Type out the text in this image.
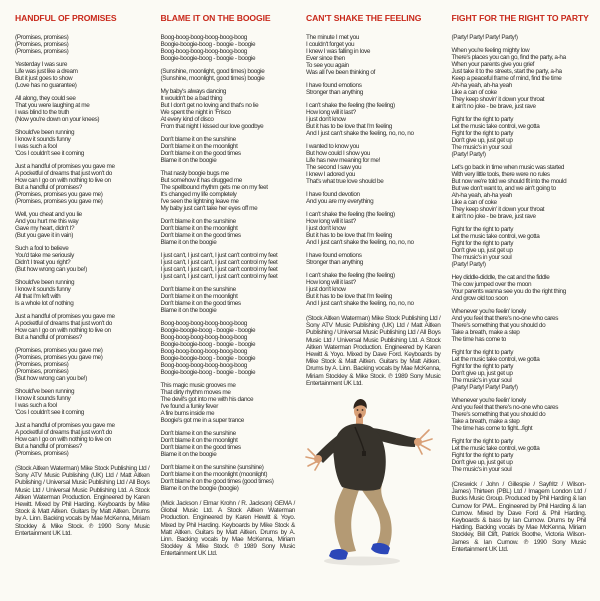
HANDFUL OF PROMISES

(Promises, promises)
(Promises, promises)
(Promises, promises)

Yesterday I was sure
Life was just like a dream
But it just goes to show
(Love has no guarantee)

All along, they could see
That you were laughing at me
I was blind to the truth
(Now you're down on your knees)

Should've been running
I know it sounds funny
I was such a fool
'Cos I couldn't see it coming

Just a handful of promises you gave me
A pocketful of dreams that just won't do
How can I go on with nothing to live on
But a handful of promises?
(Promises, promises you gave me)
(Promises, promises you gave me)

Well, you cheat and you lie
And you hurt me this way
Gave my heart, didn't I?
(But you gave it in vain)

Such a fool to believe
You'd take me seriously
Didn't I treat you right?
(But how wrong can you be!)

Should've been running
I know it sounds funny
All that I'm left with
Is a whole lot of nothing

Just a handful of promises you gave me
A pocketful of dreams that just won't do
How can I go on with nothing to live on
But a handful of promises?

(Promises, promises you gave me)
(Promises, promises you gave me)
(Promises, promises)
(Promises, promises)
(But how wrong can you be!)

Should've been running
I know it sounds funny
I was such a fool
'Cos I couldn't see it coming

Just a handful of promises you gave me
A pocketful of dreams that just won't do
How can I go on with nothing to live on
But a handful of promises?
(Promises, promises)

(Stock Aitken Waterman) Mike Stock Publishing Ltd / Sony ATV Music Publishing (UK) Ltd / Matt Aitken Publishing / Universal Music Publishing Ltd / All Boys Music Ltd / Universal Music Publishing Ltd. A Stock Aitken Waterman Production. Engineered by Karen Hewitt. Mixed by Phil Harding. Keyboards by Mike Stock & Matt Aitken. Guitars by Matt Aitken. Drums by A. Linn. Backing vocals by Mae McKenna, Miriam Stockley & Mike Stock. ℗ 1990 Sony Music Entertainment UK Ltd.

BLAME IT ON THE BOOGIE

Boog-boog-boog-boog-boog-boog
Boogie-boogie-boog - boogie - boogie
Boog-boog-boog-boog-boog-boog
Boogie-boogie-boog - boogie - boogie

(Sunshine, moonlight, good times) boogie
(Sunshine, moonlight, good times) boogie

My baby's always dancing
It wouldn't be a bad thing
But I don't get no loving and that's no lie
We spent the night in 'Frisco
At every kind of disco
From that night I kissed our love goodbye

Don't blame it on the sunshine
Don't blame it on the moonlight
Don't blame it on the good times
Blame it on the boogie

That nasty boogie bugs me
But somehow it has drugged me
The spellbound rhythm gets me on my feet
It's changed my life completely
I've seen the lightning leave me
My baby just can't take her eyes off me

Don't blame it on the sunshine
Don't blame it on the moonlight
Don't blame it on the good times
Blame it on the boogie

I just can't, I just can't, I just can't control my feet
I just can't, I just can't, I just can't control my feet
I just can't, I just can't, I just can't control my feet
I just can't, I just can't, I just can't control my feet

Don't blame it on the sunshine
Don't blame it on the moonlight
Don't blame it on the good times
Blame it on the boogie

Boog-boog-boog-boog-boog-boog
Boogie-boogie-boog - boogie - boogie
Boog-boog-boog-boog-boog-boog
Boogie-boogie-boog - boogie - boogie
Boog-boog-boog-boog-boog-boog
Boogie-boogie-boog - boogie - boogie
Boog-boog-boog-boog-boog-boog
Boogie-boogie-boog - boogie - boogie

This magic music grooves me
That dirty rhythm moves me
The devil's got into me with his dance
I've found a funky fever
A fire burns inside me
Boogie's got me in a super trance

Don't blame it on the sunshine
Don't blame it on the moonlight
Don't blame it on the good times
Blame it on the boogie

Don't blame it on the sunshine (sunshine)
Don't blame it on the moonlight (moonlight)
Don't blame it on the good times (good times)
Blame it on the boogie (boogie)

(Mick Jackson / Elmar Krohn / R. Jackson) GEMA / Global Music Ltd. A Stock Aitken Waterman Production. Engineered by Karen Hewitt & Yoyo. Mixed by Phil Harding. Keyboards by Mike Stock & Matt Aitken. Guitars by Matt Aitken. Drums by A. Linn. Backing vocals by Mae McKenna, Miriam Stockley & Mike Stock. ℗ 1989 Sony Music Entertainment UK Ltd.

CAN'T SHAKE THE FEELING

The minute I met you
I couldn't forget you
I knew I was falling in love
Ever since then
To see you again
Was all I've been thinking of

I have found emotions
Stronger than anything

I can't shake the feeling (the feeling)
How long will it last?
I just don't know
But it has to be love that I'm feeling
And I just can't shake the feeling, no, no, no

I wanted to know you
But how could I show you
Life has new meaning for me!
The second I saw you
I knew I adored you
That's what true love should be

I have found devotion
And you are my everything

I can't shake the feeling (the feeling)
How long will it last?
I just don't know
But it has to be love that I'm feeling
And I just can't shake the feeling, no, no, no

I have found emotions
Stronger than anything

I can't shake the feeling (the feeling)
How long will it last?
I just don't know
But it has to be love that I'm feeling
And I just can't shake the feeling, no, no, no

(Stock Aitken Waterman) Mike Stock Publishing Ltd / Sony ATV Music Publishing (UK) Ltd / Matt Aitken Publishing / Universal Music Publishing Ltd / All Boys Music Ltd / Universal Music Publishing Ltd. A Stock Aitken Waterman Production. Engineered by Karen Hewitt & Yoyo. Mixed by Dave Ford. Keyboards by Mike Stock & Matt Aitken. Guitars by Matt Aitken. Drums by A. Linn. Backing vocals by Mae McKenna, Miriam Stockley & Mike Stock. ℗ 1989 Sony Music Entertainment UK Ltd.

FIGHT FOR THE RIGHT TO PARTY

(Party! Party! Party! Party!)

When you're feeling mighty low
There's places you can go, find the party, a-ha
When your parents give you grief
Just take it to the streets, start the party, a-ha
Keep a peaceful frame of mind, find the time
Ah-ha yeah, ah-ha yeah
Like a can of coke
They keep shovin' it down your throat
It ain't no joke - be brave, just rave

Fight for the right to party
Let the music take control, we gotta
Fight for the right to party
Don't give up, just get up
The music's in your soul
(Party! Party!)

Let's go back in time when music was started
With very little tools, there were no rules
But now we're told we should fit into the mould
But we don't want to, and we ain't going to
Ah-ha yeah, ah-ha yeah
Like a can of coke
They keep shovin' it down your throat
It ain't no joke - be brave, just rave

Fight for the right to party
Let the music take control, we gotta
Fight for the right to party
Don't give up, just get up
The music's in your soul
(Party! Party!)

Hey diddle-diddle, the cat and the fiddle
The cow jumped over the moon
Your parents wanna see you do the right thing
And grow old too soon

Whenever you're feelin' lonely
And you feel that there's no-one who cares
There's something that you should do
Take a breath, make a step
The time has come to

Fight for the right to party
Let the music take control, we gotta
Fight for the right to party
Don't give up, just get up
The music's in your soul
(Party! Party! Party! Party!)

Whenever you're feelin' lonely
And you feel that there's no-one who cares
There's something that you should do
Take a breath, make a step
The time has come to fight...fight

Fight for the right to party
Let the music take control, we gotta
Fight for the right to party
Don't give up, just get up
The music's in your soul

(Creswick / John / Gillespie / Sayfritz / Wilson-James) Thirteen (PBL) Ltd / Imagem London Ltd / Bucks Music Group. Produced by Phil Harding & Ian Curnow for PWL. Engineered by Phil Harding & Ian Curnow. Mixed by Dave Ford & Phil Harding. Keyboards & bass by Ian Curnow. Drums by Phil Harding. Backing vocals by Mae McKenna, Miriam Stockley, Bill Clift, Patrick Boothe, Victoria Wilson-James & Ian Curnow. ℗ 1990 Sony Music Entertainment UK Ltd.
